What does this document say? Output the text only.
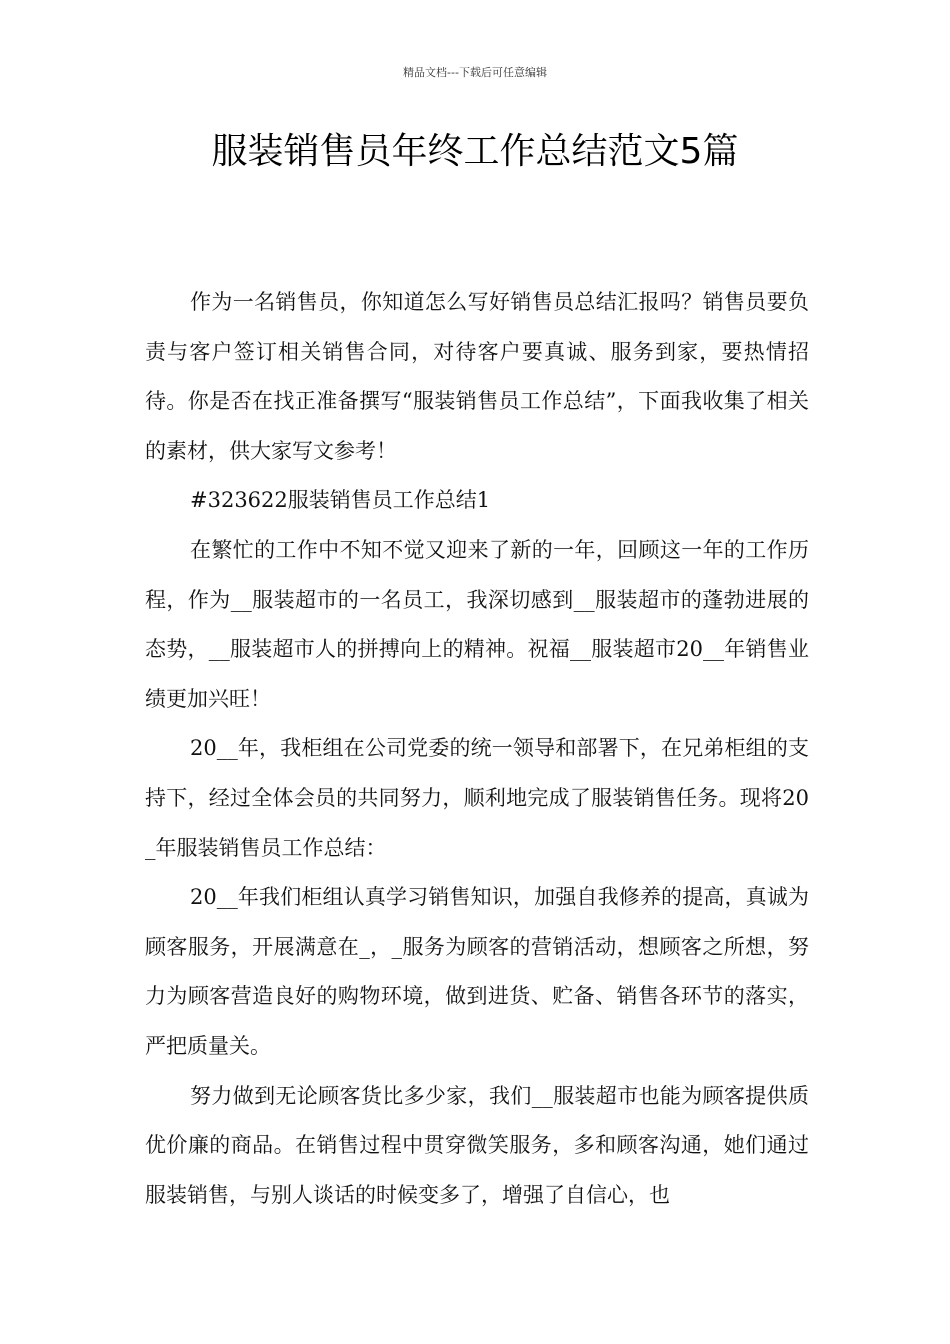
精品文档---下载后可任意编辑
服装销售员年终工作总结范文5篇

作为一名销售员，你知道怎么写好销售员总结汇报吗？销售员要负责与客户签订相关销售合同，对待客户要真诚、服务到家，要热情招待。你是否在找正准备撰写“服装销售员工作总结”，下面我收集了相关的素材，供大家写文参考！

#323622服装销售员工作总结1

在繁忙的工作中不知不觉又迎来了新的一年，回顾这一年的工作历程，作为__服装超市的一名员工，我深切感到__服装超市的蓬勃进展的态势，__服装超市人的拼搏向上的精神。祝福__服装超市20__年销售业绩更加兴旺！

20__年，我柜组在公司党委的统一领导和部署下，在兄弟柜组的支持下，经过全体会员的共同努力，顺利地完成了服装销售任务。现将20_年服装销售员工作总结：

20__年我们柜组认真学习销售知识，加强自我修养的提高，真诚为顾客服务，开展满意在_，_服务为顾客的营销活动，想顾客之所想，努力为顾客营造良好的购物环境，做到进货、贮备、销售各环节的落实，严把质量关。

努力做到无论顾客货比多少家，我们__服装超市也能为顾客提供质优价廉的商品。在销售过程中贯穿微笑服务，多和顾客沟通，她们通过服装销售，与别人谈话的时候变多了，增强了自信心，也
